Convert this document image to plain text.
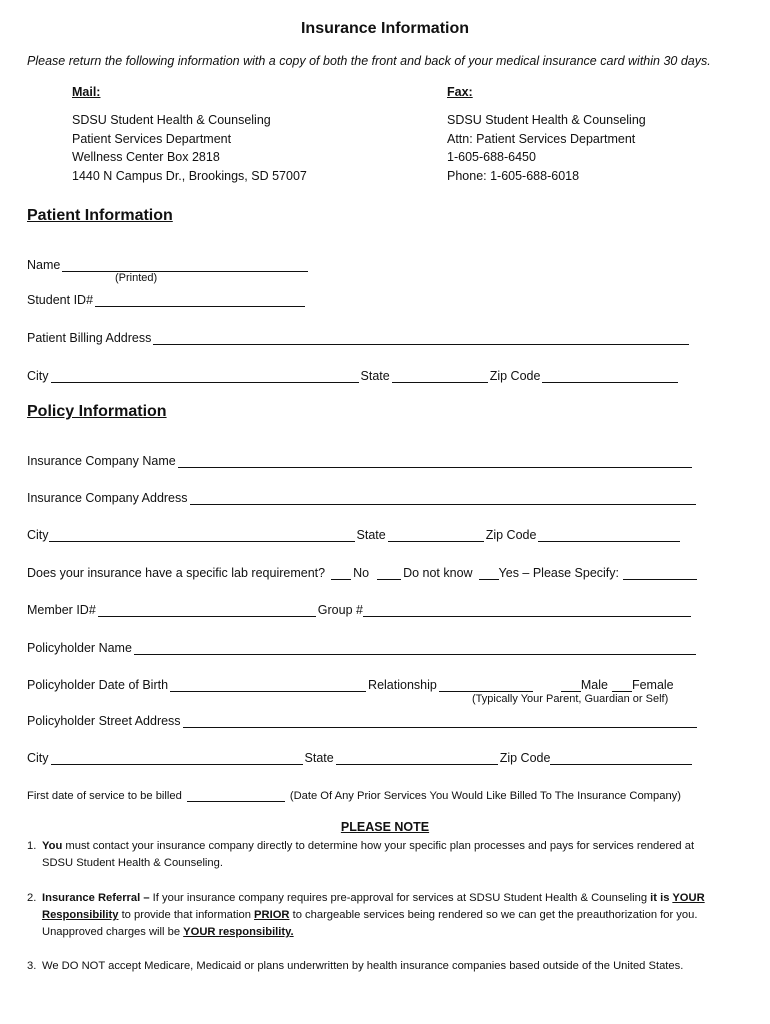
Insurance Information
Please return the following information with a copy of both the front and back of your medical insurance card within 30 days.
Mail:
SDSU Student Health & Counseling
Patient Services Department
Wellness Center Box 2818
1440 N Campus Dr., Brookings, SD 57007
Fax:
SDSU Student Health & Counseling
Attn: Patient Services Department
1-605-688-6450
Phone: 1-605-688-6018
Patient Information
Name
(Printed)
Student ID#
Patient Billing Address
City	State	Zip Code
Policy Information
Insurance Company Name
Insurance Company Address
City	State	Zip Code
Does your insurance have a specific lab requirement? No	Do not know Yes – Please Specify:
Member ID#	Group #
Policyholder Name
Policyholder Date of Birth	Relationship	Male Female
(Typically Your Parent, Guardian or Self)
Policyholder Street Address
City	State	Zip Code
First date of service to be billed	(Date Of Any Prior Services You Would Like Billed To The Insurance Company)
PLEASE NOTE
1. You must contact your insurance company directly to determine how your specific plan processes and pays for services rendered at
SDSU Student Health & Counseling.
2. Insurance Referral – If your insurance company requires pre-approval for services at SDSU Student Health & Counseling it is YOUR
Responsibility to provide that information PRIOR to chargeable services being rendered so we can get the preauthorization for you.
Unapproved charges will be YOUR responsibility.
3. We DO NOT accept Medicare, Medicaid or plans underwritten by health insurance companies based outside of the United States.
